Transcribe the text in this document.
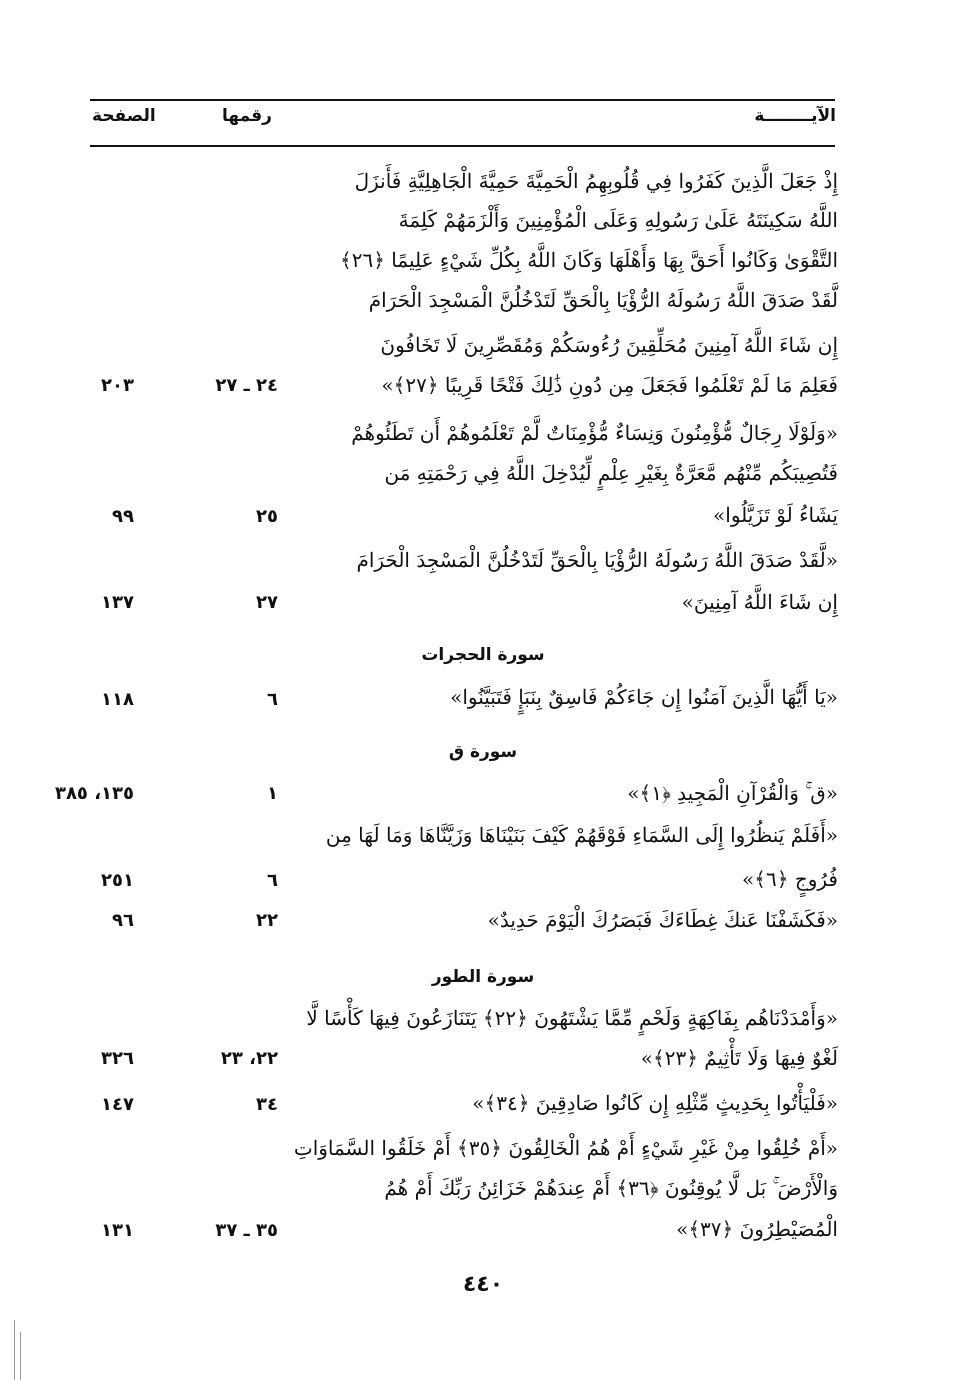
الآيــــــــة
رقمها
الصفحة
إِذْ جَعَلَ الَّذِينَ كَفَرُوا فِي قُلُوبِهِمُ الْحَمِيَّةَ حَمِيَّةَ الْجَاهِلِيَّةِ فَأَنزَلَ
اللَّهُ سَكِينَتَهُ عَلَىٰ رَسُولِهِ وَعَلَى الْمُؤْمِنِينَ وَأَلْزَمَهُمْ كَلِمَةَ
التَّقْوَىٰ وَكَانُوا أَحَقَّ بِهَا وَأَهْلَهَا وَكَانَ اللَّهُ بِكُلِّ شَيْءٍ عَلِيمًا ﴿٢٦﴾
لَّقَدْ صَدَقَ اللَّهُ رَسُولَهُ الرُّؤْيَا بِالْحَقِّ لَتَدْخُلُنَّ الْمَسْجِدَ الْحَرَامَ
إِن شَاءَ اللَّهُ آمِنِينَ مُحَلِّقِينَ رُءُوسَكُمْ وَمُقَصِّرِينَ لَا تَخَافُونَ
فَعَلِمَ مَا لَمْ تَعْلَمُوا فَجَعَلَ مِن دُونِ ذَٰلِكَ فَتْحًا قَرِيبًا ﴿٢٧﴾»
٢٤ ـ ٢٧
٢٠٣
«وَلَوْلَا رِجَالٌ مُّؤْمِنُونَ وَنِسَاءٌ مُّؤْمِنَاتٌ لَّمْ تَعْلَمُوهُمْ أَن تَطَئُوهُمْ
فَتُصِيبَكُم مِّنْهُم مَّعَرَّةٌ بِغَيْرِ عِلْمٍ لِّيُدْخِلَ اللَّهُ فِي رَحْمَتِهِ مَن
يَشَاءُ لَوْ تَزَيَّلُوا»
٢٥
٩٩
«لَّقَدْ صَدَقَ اللَّهُ رَسُولَهُ الرُّؤْيَا بِالْحَقِّ لَتَدْخُلُنَّ الْمَسْجِدَ الْحَرَامَ
إِن شَاءَ اللَّهُ آمِنِينَ»
٢٧
١٣٧
سورة الحجرات
«يَا أَيُّهَا الَّذِينَ آمَنُوا إِن جَاءَكُمْ فَاسِقٌ بِنَبَإٍ فَتَبَيَّنُوا»
٦
١١٨
سورة ق
«ق ۚ وَالْقُرْآنِ الْمَجِيدِ ﴿١﴾»
١
١٣٥، ٣٨٥
«أَفَلَمْ يَنظُرُوا إِلَى السَّمَاءِ فَوْقَهُمْ كَيْفَ بَنَيْنَاهَا وَزَيَّنَّاهَا وَمَا لَهَا مِن
فُرُوجٍ ﴿٦﴾»
٦
٢٥١
«فَكَشَفْنَا عَنكَ غِطَاءَكَ فَبَصَرُكَ الْيَوْمَ حَدِيدٌ»
٢٢
٩٦
سورة الطور
«وَأَمْدَدْنَاهُم بِفَاكِهَةٍ وَلَحْمٍ مِّمَّا يَشْتَهُونَ ﴿٢٢﴾ يَتَنَازَعُونَ فِيهَا كَأْسًا لَّا
لَغْوٌ فِيهَا وَلَا تَأْثِيمٌ ﴿٢٣﴾»
٢٢، ٢٣
٣٢٦
«فَلْيَأْتُوا بِحَدِيثٍ مِّثْلِهِ إِن كَانُوا صَادِقِينَ ﴿٣٤﴾»
٣٤
١٤٧
«أَمْ خُلِقُوا مِنْ غَيْرِ شَيْءٍ أَمْ هُمُ الْخَالِقُونَ ﴿٣٥﴾ أَمْ خَلَقُوا السَّمَاوَاتِ
وَالْأَرْضَ ۚ بَل لَّا يُوقِنُونَ ﴿٣٦﴾ أَمْ عِندَهُمْ خَزَائِنُ رَبِّكَ أَمْ هُمُ
الْمُصَيْطِرُونَ ﴿٣٧﴾»
٣٥ ـ ٣٧
١٣١
٤٤٠
